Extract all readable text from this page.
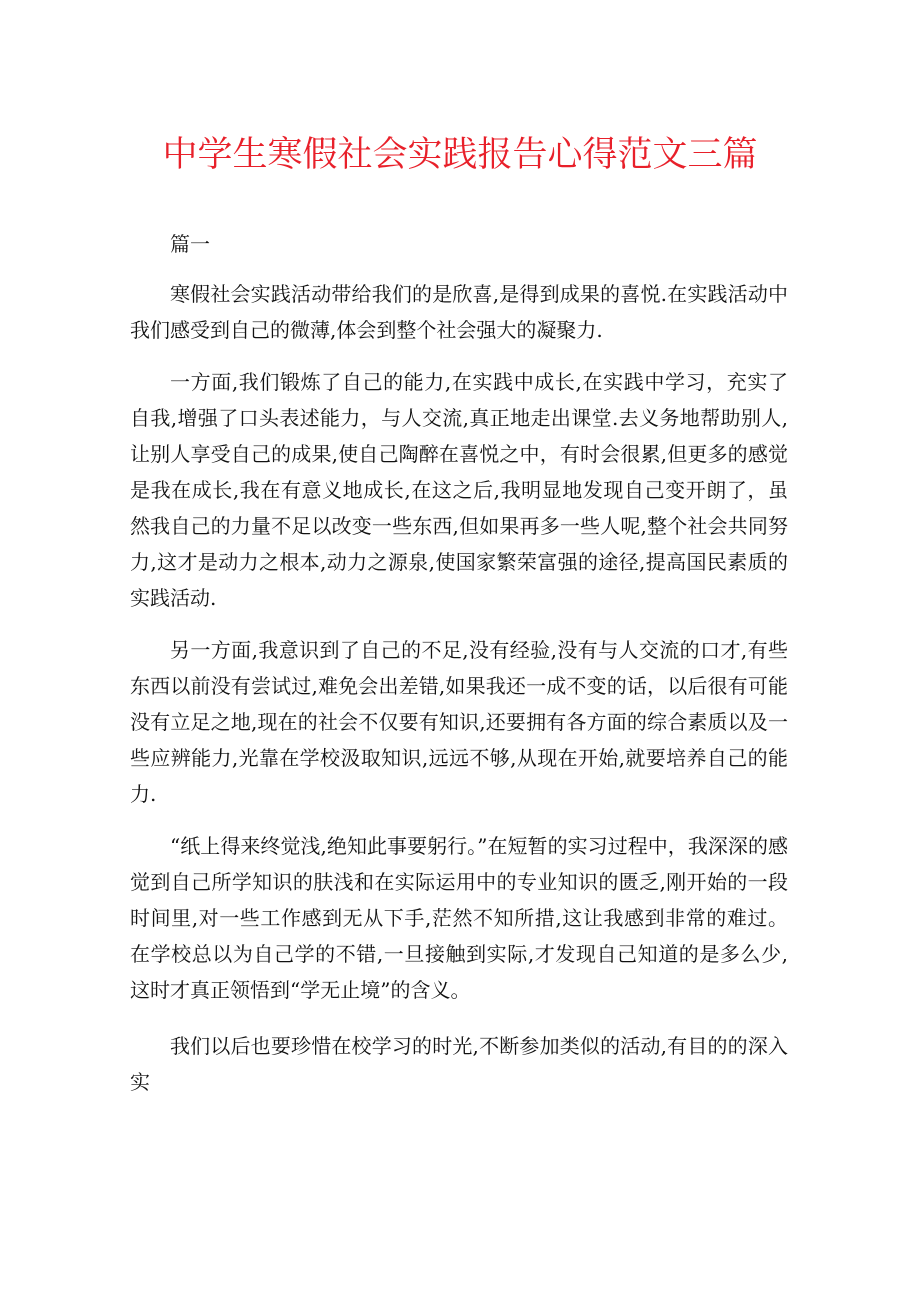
中学生寒假社会实践报告心得范文三篇

篇一

寒假社会实践活动带给我们的是欣喜,是得到成果的喜悦.在实践活动中我们感受到自己的微薄,体会到整个社会强大的凝聚力.

一方面,我们锻炼了自己的能力,在实践中成长,在实践中学习，充实了自我,增强了口头表述能力，与人交流,真正地走出课堂.去义务地帮助别人,让别人享受自己的成果,使自己陶醉在喜悦之中，有时会很累,但更多的感觉是我在成长,我在有意义地成长,在这之后,我明显地发现自己变开朗了，虽然我自己的力量不足以改变一些东西,但如果再多一些人呢,整个社会共同努力,这才是动力之根本,动力之源泉,使国家繁荣富强的途径,提高国民素质的实践活动.

另一方面,我意识到了自己的不足,没有经验,没有与人交流的口才,有些东西以前没有尝试过,难免会出差错,如果我还一成不变的话，以后很有可能没有立足之地,现在的社会不仅要有知识,还要拥有各方面的综合素质以及一些应辨能力,光靠在学校汲取知识,远远不够,从现在开始,就要培养自己的能力.

“纸上得来终觉浅,绝知此事要躬行。”在短暂的实习过程中，我深深的感觉到自己所学知识的肤浅和在实际运用中的专业知识的匮乏,刚开始的一段时间里,对一些工作感到无从下手,茫然不知所措,这让我感到非常的难过。在学校总以为自己学的不错,一旦接触到实际,才发现自己知道的是多么少,这时才真正领悟到“学无止境”的含义。

我们以后也要珍惜在校学习的时光,不断参加类似的活动,有目的的深入实
